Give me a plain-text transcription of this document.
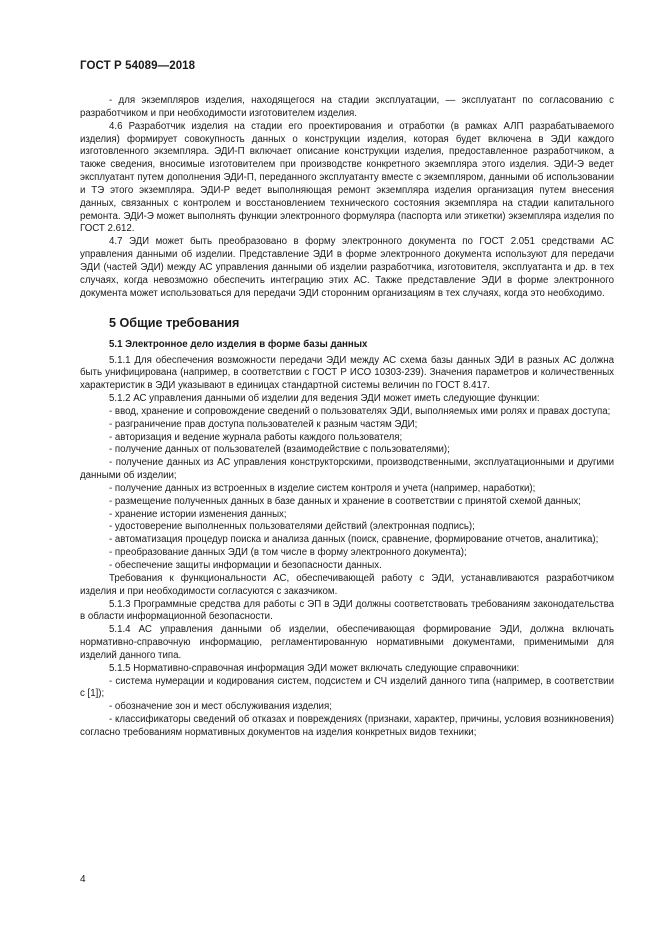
ГОСТ Р 54089—2018

- для экземпляров изделия, находящегося на стадии эксплуатации, — эксплуатант по согласованию с разработчиком и при необходимости изготовителем изделия.

4.6 Разработчик изделия на стадии его проектирования и отработки (в рамках АЛП разрабатываемого изделия) формирует совокупность данных о конструкции изделия, которая будет включена в ЭДИ каждого изготовленного экземпляра. ЭДИ-П включает описание конструкции изделия, предоставленное разработчиком, а также сведения, вносимые изготовителем при производстве конкретного экземпляра этого изделия. ЭДИ-Э ведет эксплуатант путем дополнения ЭДИ-П, переданного эксплуатанту вместе с экземпляром, данными об использовании и ТЭ этого экземпляра. ЭДИ-Р ведет выполняющая ремонт экземпляра изделия организация путем внесения данных, связанных с контролем и восстановлением технического состояния экземпляра на стадии капитального ремонта. ЭДИ-Э может выполнять функции электронного формуляра (паспорта или этикетки) экземпляра изделия по ГОСТ 2.612.

4.7 ЭДИ может быть преобразовано в форму электронного документа по ГОСТ 2.051 средствами АС управления данными об изделии. Представление ЭДИ в форме электронного документа используют для передачи ЭДИ (частей ЭДИ) между АС управления данными об изделии разработчика, изготовителя, эксплуатанта и др. в тех случаях, когда невозможно обеспечить интеграцию этих АС. Также представление ЭДИ в форме электронного документа может использоваться для передачи ЭДИ сторонним организациям в тех случаях, когда это необходимо.

5 Общие требования
5.1 Электронное дело изделия в форме базы данных

5.1.1 Для обеспечения возможности передачи ЭДИ между АС схема базы данных ЭДИ в разных АС должна быть унифицирована (например, в соответствии с ГОСТ Р ИСО 10303-239). Значения параметров и количественных характеристик в ЭДИ указывают в единицах стандартной системы величин по ГОСТ 8.417.

5.1.2 АС управления данными об изделии для ведения ЭДИ может иметь следующие функции:

- ввод, хранение и сопровождение сведений о пользователях ЭДИ, выполняемых ими ролях и правах доступа;

- разграничение прав доступа пользователей к разным частям ЭДИ;

- авторизация и ведение журнала работы каждого пользователя;

- получение данных от пользователей (взаимодействие с пользователями);

- получение данных из АС управления конструкторскими, производственными, эксплуатационными и другими данными об изделии;

- получение данных из встроенных в изделие систем контроля и учета (например, наработки);

- размещение полученных данных в базе данных и хранение в соответствии с принятой схемой данных;

- хранение истории изменения данных;

- удостоверение выполненных пользователями действий (электронная подпись);

- автоматизация процедур поиска и анализа данных (поиск, сравнение, формирование отчетов, аналитика);

- преобразование данных ЭДИ (в том числе в форму электронного документа);

- обеспечение защиты информации и безопасности данных.

Требования к функциональности АС, обеспечивающей работу с ЭДИ, устанавливаются разработчиком изделия и при необходимости согласуются с заказчиком.

5.1.3 Программные средства для работы с ЭП в ЭДИ должны соответствовать требованиям законодательства в области информационной безопасности.

5.1.4 АС управления данными об изделии, обеспечивающая формирование ЭДИ, должна включать нормативно-справочную информацию, регламентированную нормативными документами, применимыми для изделий данного типа.

5.1.5 Нормативно-справочная информация ЭДИ может включать следующие справочники:

- система нумерации и кодирования систем, подсистем и СЧ изделий данного типа (например, в соответствии с [1]);

- обозначение зон и мест обслуживания изделия;

- классификаторы сведений об отказах и повреждениях (признаки, характер, причины, условия возникновения) согласно требованиям нормативных документов на изделия конкретных видов техники;

4
